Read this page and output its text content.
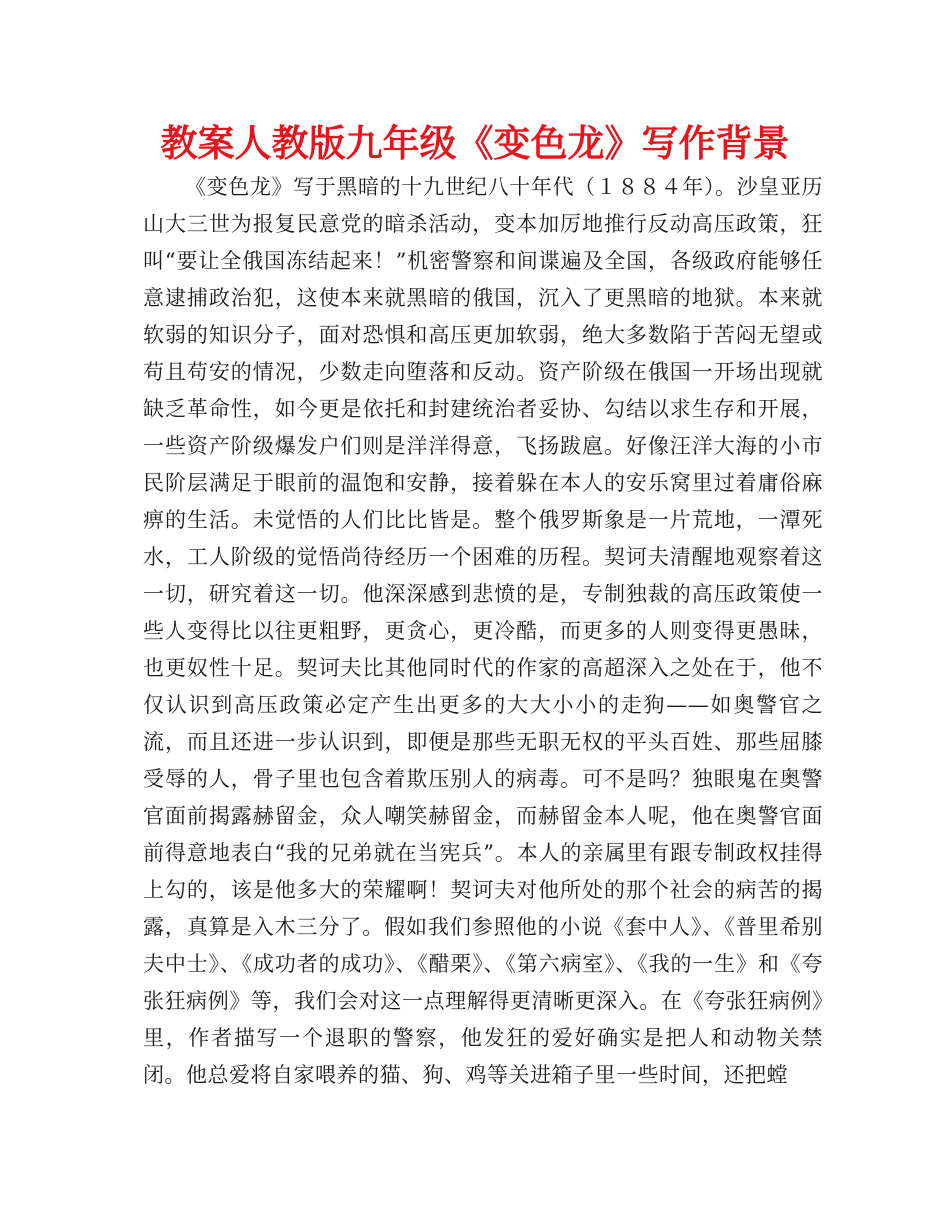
教案人教版九年级《变色龙》写作背景

《变色龙》写于黑暗的十九世纪八十年代（１８８４年）。沙皇亚历山大三世为报复民意党的暗杀活动，变本加厉地推行反动高压政策，狂叫“要让全俄国冻结起来！”机密警察和间谍遍及全国，各级政府能够任意逮捕政治犯，这使本来就黑暗的俄国，沉入了更黑暗的地狱。本来就软弱的知识分子，面对恐惧和高压更加软弱，绝大多数陷于苦闷无望或苟且苟安的情况，少数走向堕落和反动。资产阶级在俄国一开场出现就缺乏革命性，如今更是依托和封建统治者妥协、勾结以求生存和开展，一些资产阶级爆发户们则是洋洋得意，飞扬跋扈。好像汪洋大海的小市民阶层满足于眼前的温饱和安静，接着躲在本人的安乐窝里过着庸俗麻痹的生活。未觉悟的人们比比皆是。整个俄罗斯象是一片荒地，一潭死水，工人阶级的觉悟尚待经历一个困难的历程。契诃夫清醒地观察着这一切，研究着这一切。他深深感到悲愤的是，专制独裁的高压政策使一些人变得比以往更粗野，更贪心，更冷酷，而更多的人则变得更愚昧，也更奴性十足。契诃夫比其他同时代的作家的高超深入之处在于，他不仅认识到高压政策必定产生出更多的大大小小的走狗——如奥警官之流，而且还进一步认识到，即便是那些无职无权的平头百姓、那些屈膝受辱的人，骨子里也包含着欺压别人的病毒。可不是吗？独眼鬼在奥警官面前揭露赫留金，众人嘲笑赫留金，而赫留金本人呢，他在奥警官面前得意地表白“我的兄弟就在当宪兵”。本人的亲属里有跟专制政权挂得上勾的，该是他多大的荣耀啊！契诃夫对他所处的那个社会的病苦的揭露，真算是入木三分了。假如我们参照他的小说《套中人》、《普里希别夫中士》、《成功者的成功》、《醋栗》、《第六病室》、《我的一生》和《夸张狂病例》等，我们会对这一点理解得更清晰更深入。在《夸张狂病例》里，作者描写一个退职的警察，他发狂的爱好确实是把人和动物关禁闭。他总爱将自家喂养的猫、狗、鸡等关进箱子里一些时间，还把螳
